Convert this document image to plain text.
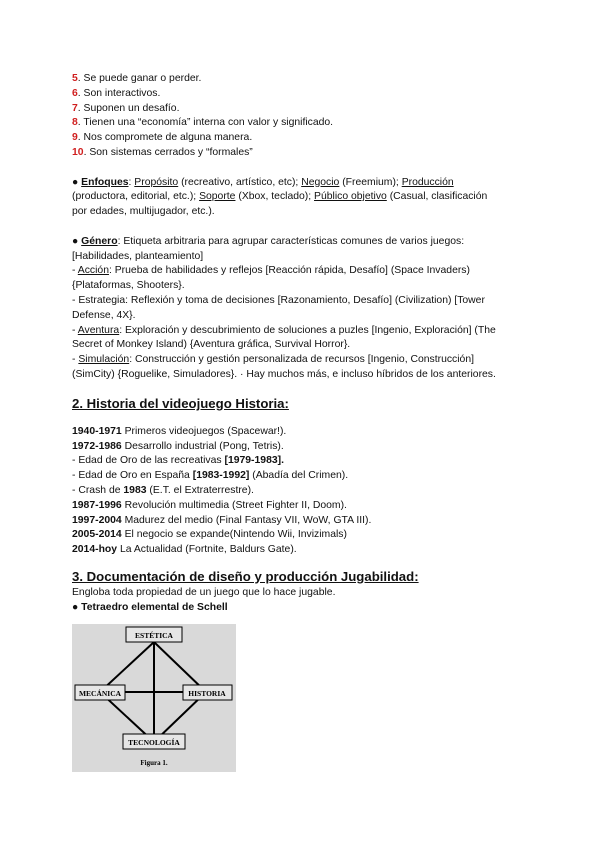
5. Se puede ganar o perder.
6. Son interactivos.
7. Suponen un desafío.
8. Tienen una “economía” interna con valor y significado.
9. Nos compromete de alguna manera.
10. Son sistemas cerrados y “formales”
● Enfoques: Propósito (recreativo, artístico, etc); Negocio (Freemium); Producción
(productora, editorial, etc.); Soporte (Xbox, teclado); Público objetivo (Casual, clasificación
por edades, multijugador, etc.).
● Género: Etiqueta arbitraria para agrupar características comunes de varios juegos:
[Habilidades, planteamiento]
- Acción: Prueba de habilidades y reflejos [Reacción rápida, Desafío] (Space Invaders)
{Plataformas, Shooters}.
- Estrategia: Reflexión y toma de decisiones [Razonamiento, Desafío] (Civilization) [Tower
Defense, 4X}.
- Aventura: Exploración y descubrimiento de soluciones a puzles [Ingenio, Exploración] (The
Secret of Monkey Island) {Aventura gráfica, Survival Horror}.
- Simulación: Construcción y gestión personalizada de recursos [Ingenio, Construcción]
(SimCity) {Roguelike, Simuladores}. · Hay muchos más, e incluso híbridos de los anteriores.
2. Historia del videojuego Historia:
1940-1971 Primeros videojuegos (Spacewar!).
1972-1986 Desarrollo industrial (Pong, Tetris).
- Edad de Oro de las recreativas [1979-1983].
- Edad de Oro en España [1983-1992] (Abadía del Crimen).
- Crash de 1983 (E.T. el Extraterrestre).
1987-1996 Revolución multimedia (Street Fighter II, Doom).
1997-2004 Madurez del medio (Final Fantasy VII, WoW, GTA III).
2005-2014 El negocio se expande(Nintendo Wii, Invizimals)
2014-hoy La Actualidad (Fortnite, Baldurs Gate).
3. Documentación de diseño y producción Jugabilidad:
Engloba toda propiedad de un juego que lo hace jugable.
● Tetraedro elemental de Schell
ESTÉTICA
MECÁNICA	HISTORIA
TECNOLOGÍA
Figura 1.
